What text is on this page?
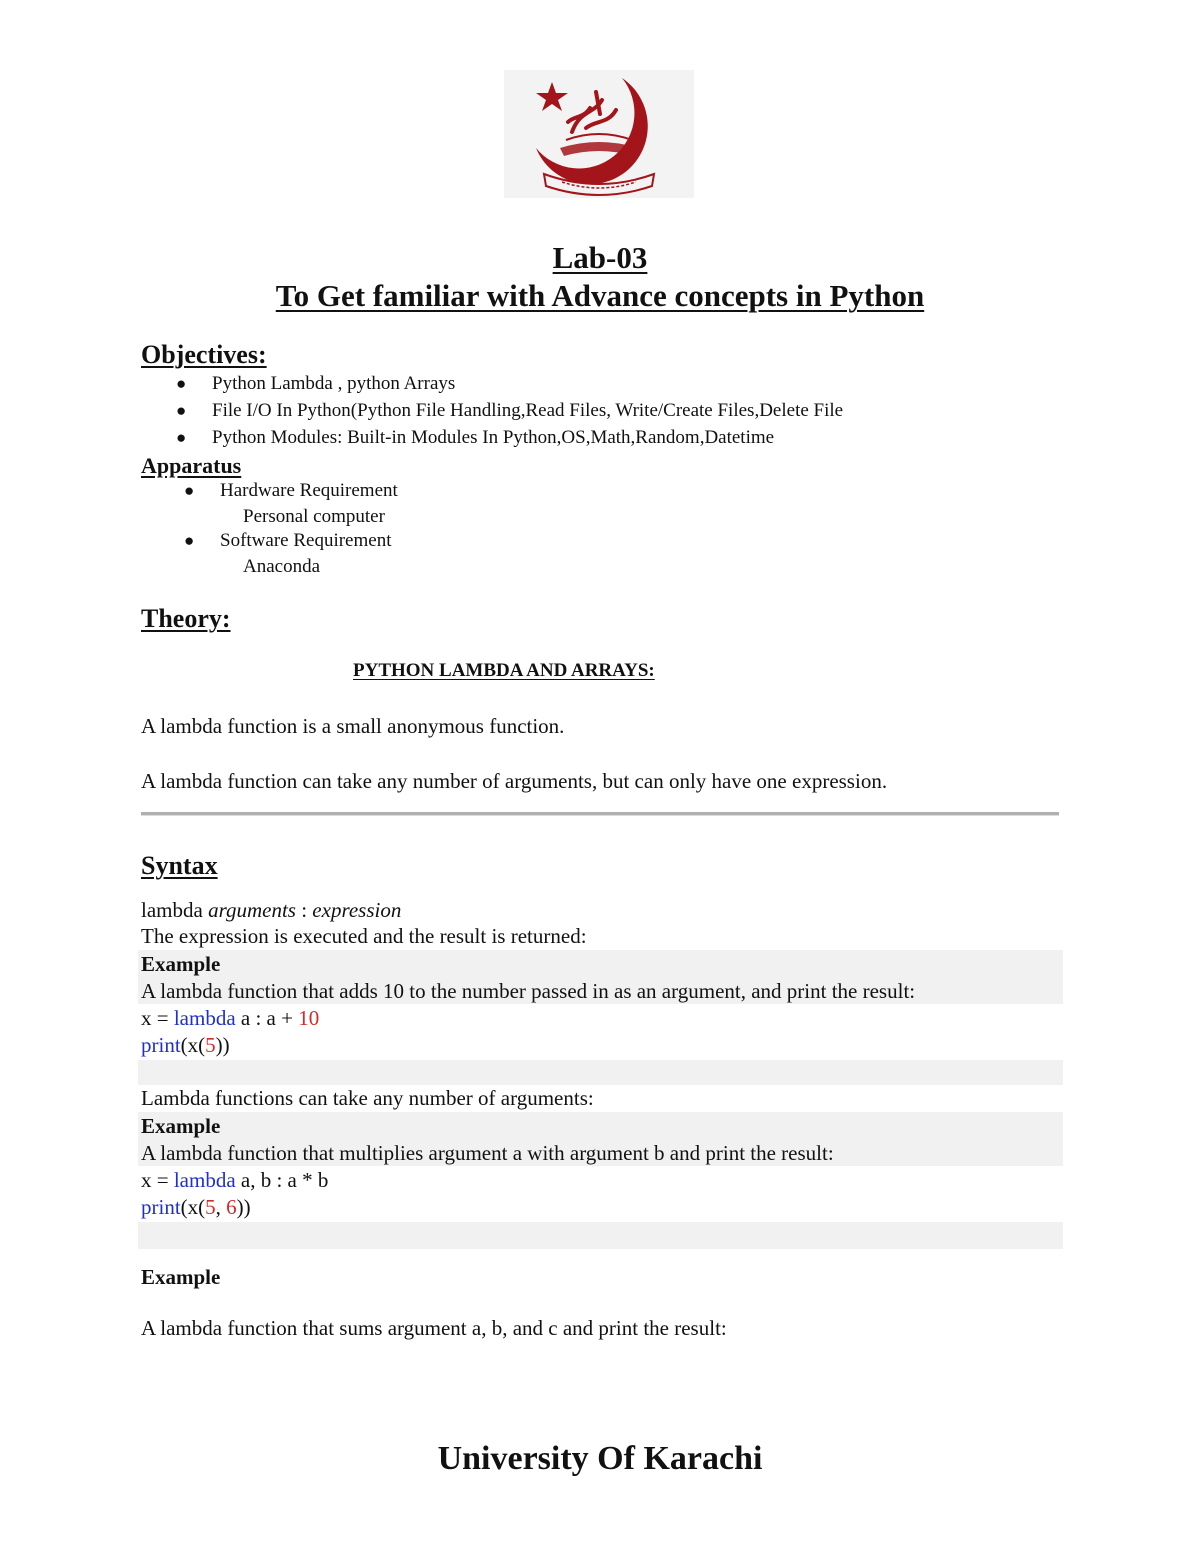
Lab-03
To Get familiar with Advance concepts in Python
Objectives:
● Python Lambda , python Arrays
● File I/O In Python(Python File Handling,Read Files, Write/Create Files,Delete File
● Python Modules: Built-in Modules In Python,OS,Math,Random,Datetime
Apparatus
● Hardware Requirement
Personal computer
● Software Requirement
Anaconda
Theory:
PYTHON LAMBDA AND ARRAYS:
A lambda function is a small anonymous function.
A lambda function can take any number of arguments, but can only have one expression.
Syntax
lambda arguments : expression
The expression is executed and the result is returned:
Example
A lambda function that adds 10 to the number passed in as an argument, and print the result:
x = lambda a : a + 10
print(x(5))
Lambda functions can take any number of arguments:
Example
A lambda function that multiplies argument a with argument b and print the result:
x = lambda a, b : a * b
print(x(5, 6))
Example
A lambda function that sums argument a, b, and c and print the result:
University Of Karachi
